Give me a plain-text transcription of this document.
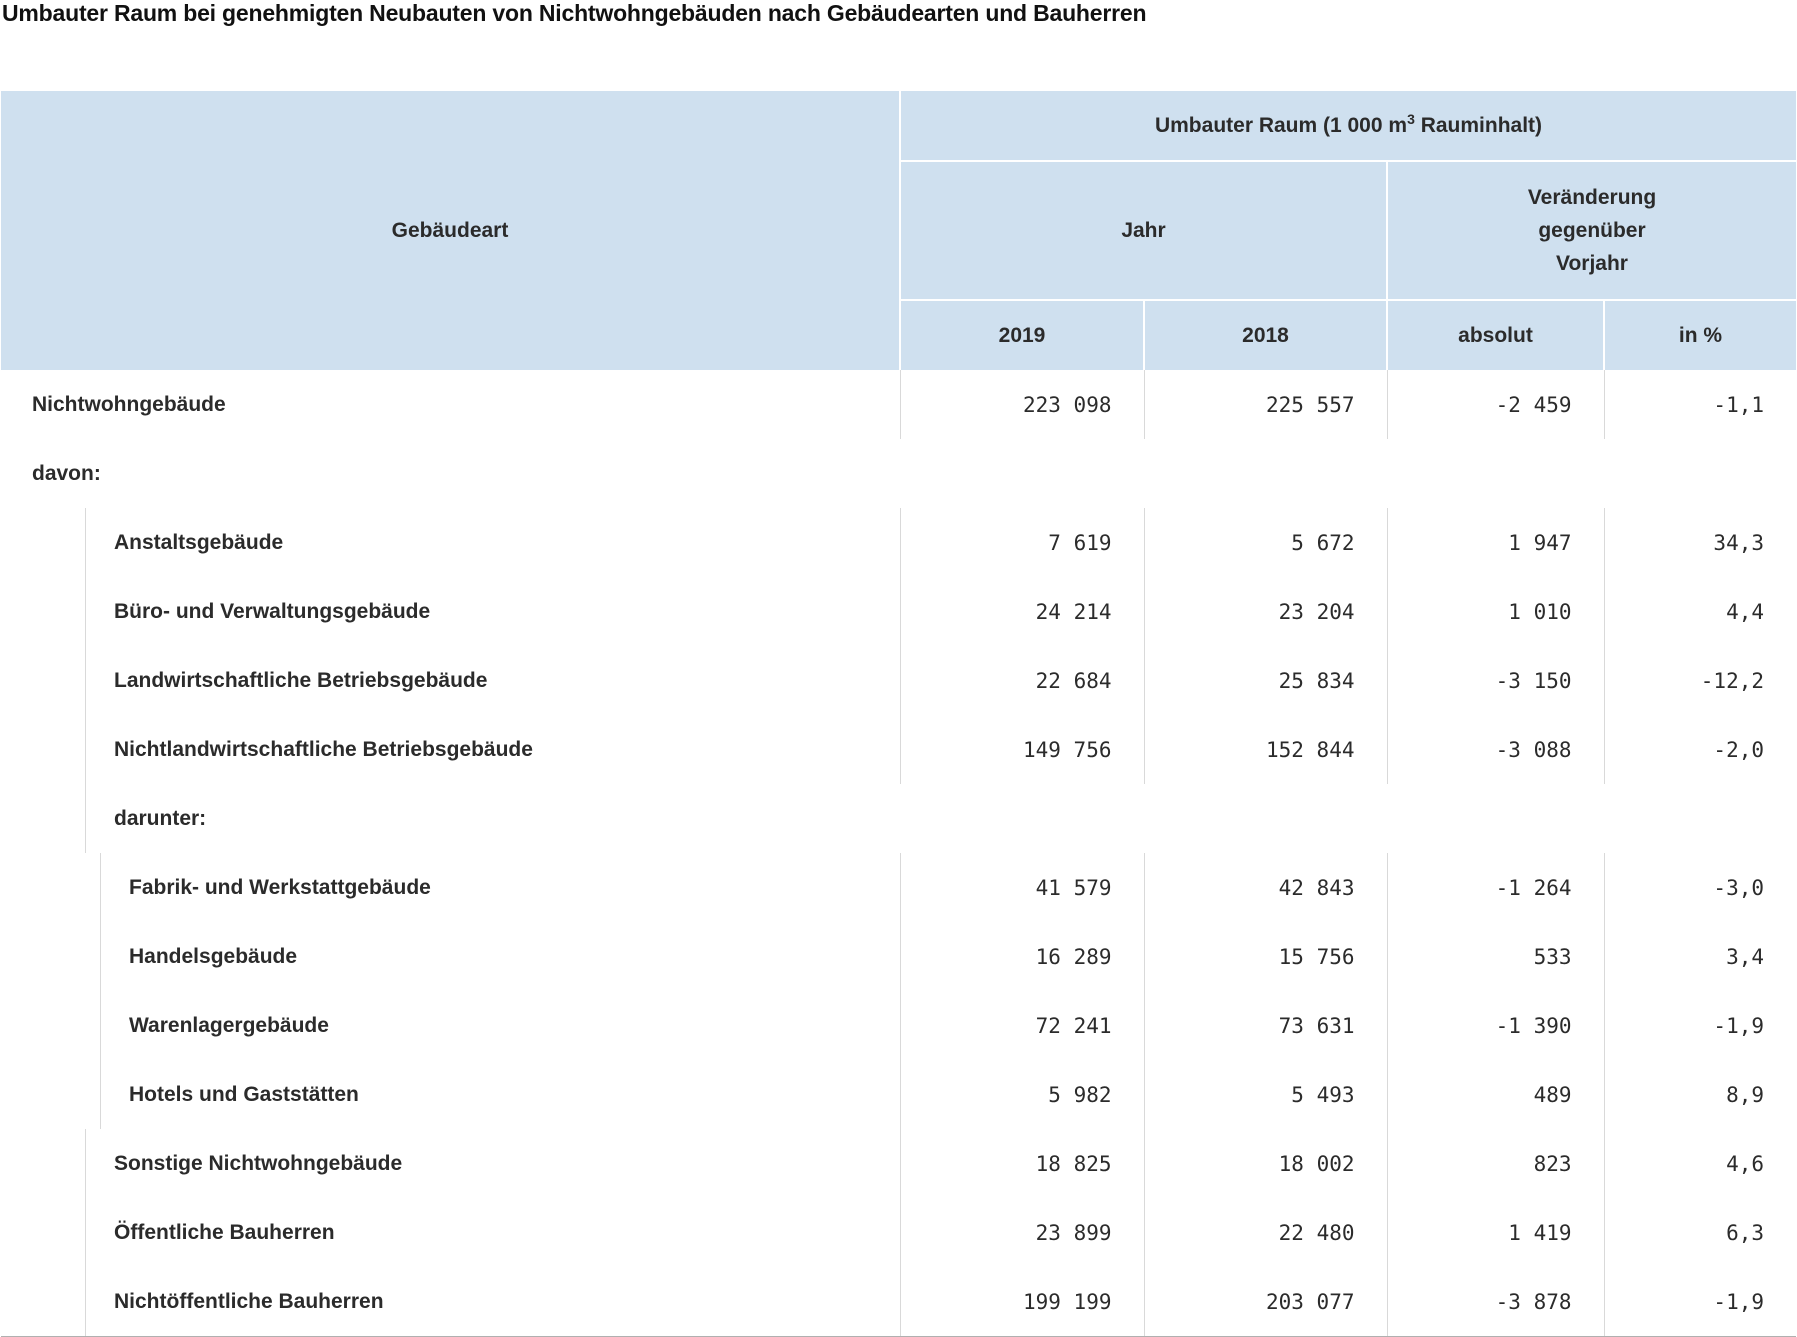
Umbauter Raum bei genehmigten Neubauten von Nichtwohngebäuden nach Gebäudearten und Bauherren
Gebäudeart	Umbauter Raum (1 000 $m^3$ Rauminhalt)			
	Jahr		Veränderung
gegenüber
Vorjahr	

	2019	2018	absolut	in %
Nichtwohngebäude	223 098	225 557	-2 459	-1,1
davon:				
Anstaltsgebäude	7 619	5 672	1 947	34,3
Büro- und Verwaltungsgebäude	24 214	23 204	1 010	4,4
Landwirtschaftliche Betriebsgebäude	22 684	25 834	-3 150	-12,2
Nichtlandwirtschaftliche Betriebsgebäude	149 756	152 844	-3 088	-2,0
darunter:				
Fabrik- und Werkstattgebäude	41 579	42 843	-1 264	-3,0
Handelsgebäude	16 289	15 756	533	3,4
Warenlagergebäude	72 241	73 631	-1 390	-1,9
Hotels und Gaststätten	5 982	5 493	489	8,9
Sonstige Nichtwohngebäude	18 825	18 002	823	4,6
Öffentliche Bauherren	23 899	22 480	1 419	6,3
Nichtöffentliche Bauherren	199 199	203 077	-3 878	-1,9
